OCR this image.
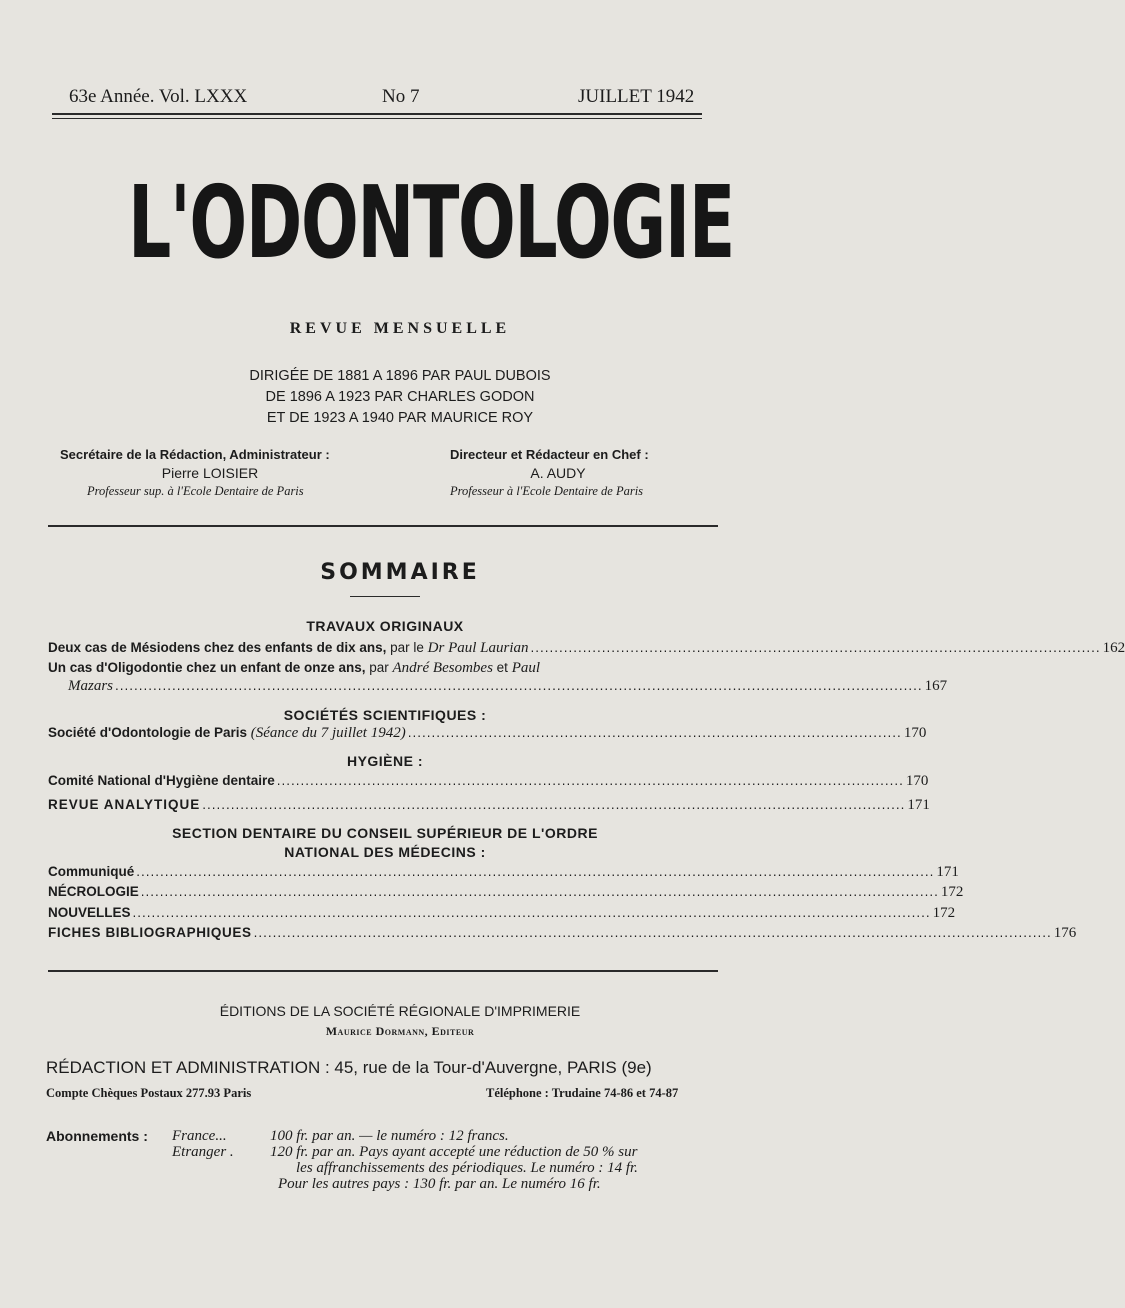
63e Année. Vol. LXXX	No 7	JUILLET 1942
L'ODONTOLOGIE
REVUE MENSUELLE
DIRIGÉE DE 1881 A 1896 PAR PAUL DUBOIS
DE 1896 A 1923 PAR CHARLES GODON
ET DE 1923 A 1940 PAR MAURICE ROY
Secrétaire de la Rédaction, Administrateur :
Pierre LOISIER
Professeur sup. à l'Ecole Dentaire de Paris
Directeur et Rédacteur en Chef :
A. AUDY
Professeur à l'Ecole Dentaire de Paris
SOMMAIRE
TRAVAUX ORIGINAUX
Deux cas de Mésiodens chez des enfants de dix ans, par le Dr Paul Laurian ........................................................................................................................ 162
Un cas d'Oligodontie chez un enfant de onze ans, par André Besombes et Paul
Mazars .......................................................................................................................................................................... 167
SOCIÉTÉS SCIENTIFIQUES :
Société d'Odontologie de Paris (Séance du 7 juillet 1942) ........................................................................................................ 170
HYGIÈNE :
Comité National d'Hygiène dentaire .................................................................................................................................... 170
REVUE ANALYTIQUE .................................................................................................................................................... 171
SECTION DENTAIRE DU CONSEIL SUPÉRIEUR DE L'ORDRE
NATIONAL DES MÉDECINS :
Communiqué ........................................................................................................................................................................ 171
NÉCROLOGIE ........................................................................................................................................................................ 172
NOUVELLES ........................................................................................................................................................................ 172
FICHES BIBLIOGRAPHIQUES ........................................................................................................................................................................ 176
ÉDITIONS DE LA SOCIÉTÉ RÉGIONALE D'IMPRIMERIE
Maurice Dormann, Editeur
RÉDACTION ET ADMINISTRATION : 45, rue de la Tour-d'Auvergne, PARIS (9e)
Compte Chèques Postaux 277.93 Paris	Téléphone : Trudaine 74-86 et 74-87
Abonnements : France...	100 fr. par an. — le numéro : 12 francs.
Etranger . 120 fr. par an. Pays ayant accepté une réduction de 50 % sur
les affranchissements des périodiques. Le numéro : 14 fr.
Pour les autres pays : 130 fr. par an. Le numéro 16 fr.
